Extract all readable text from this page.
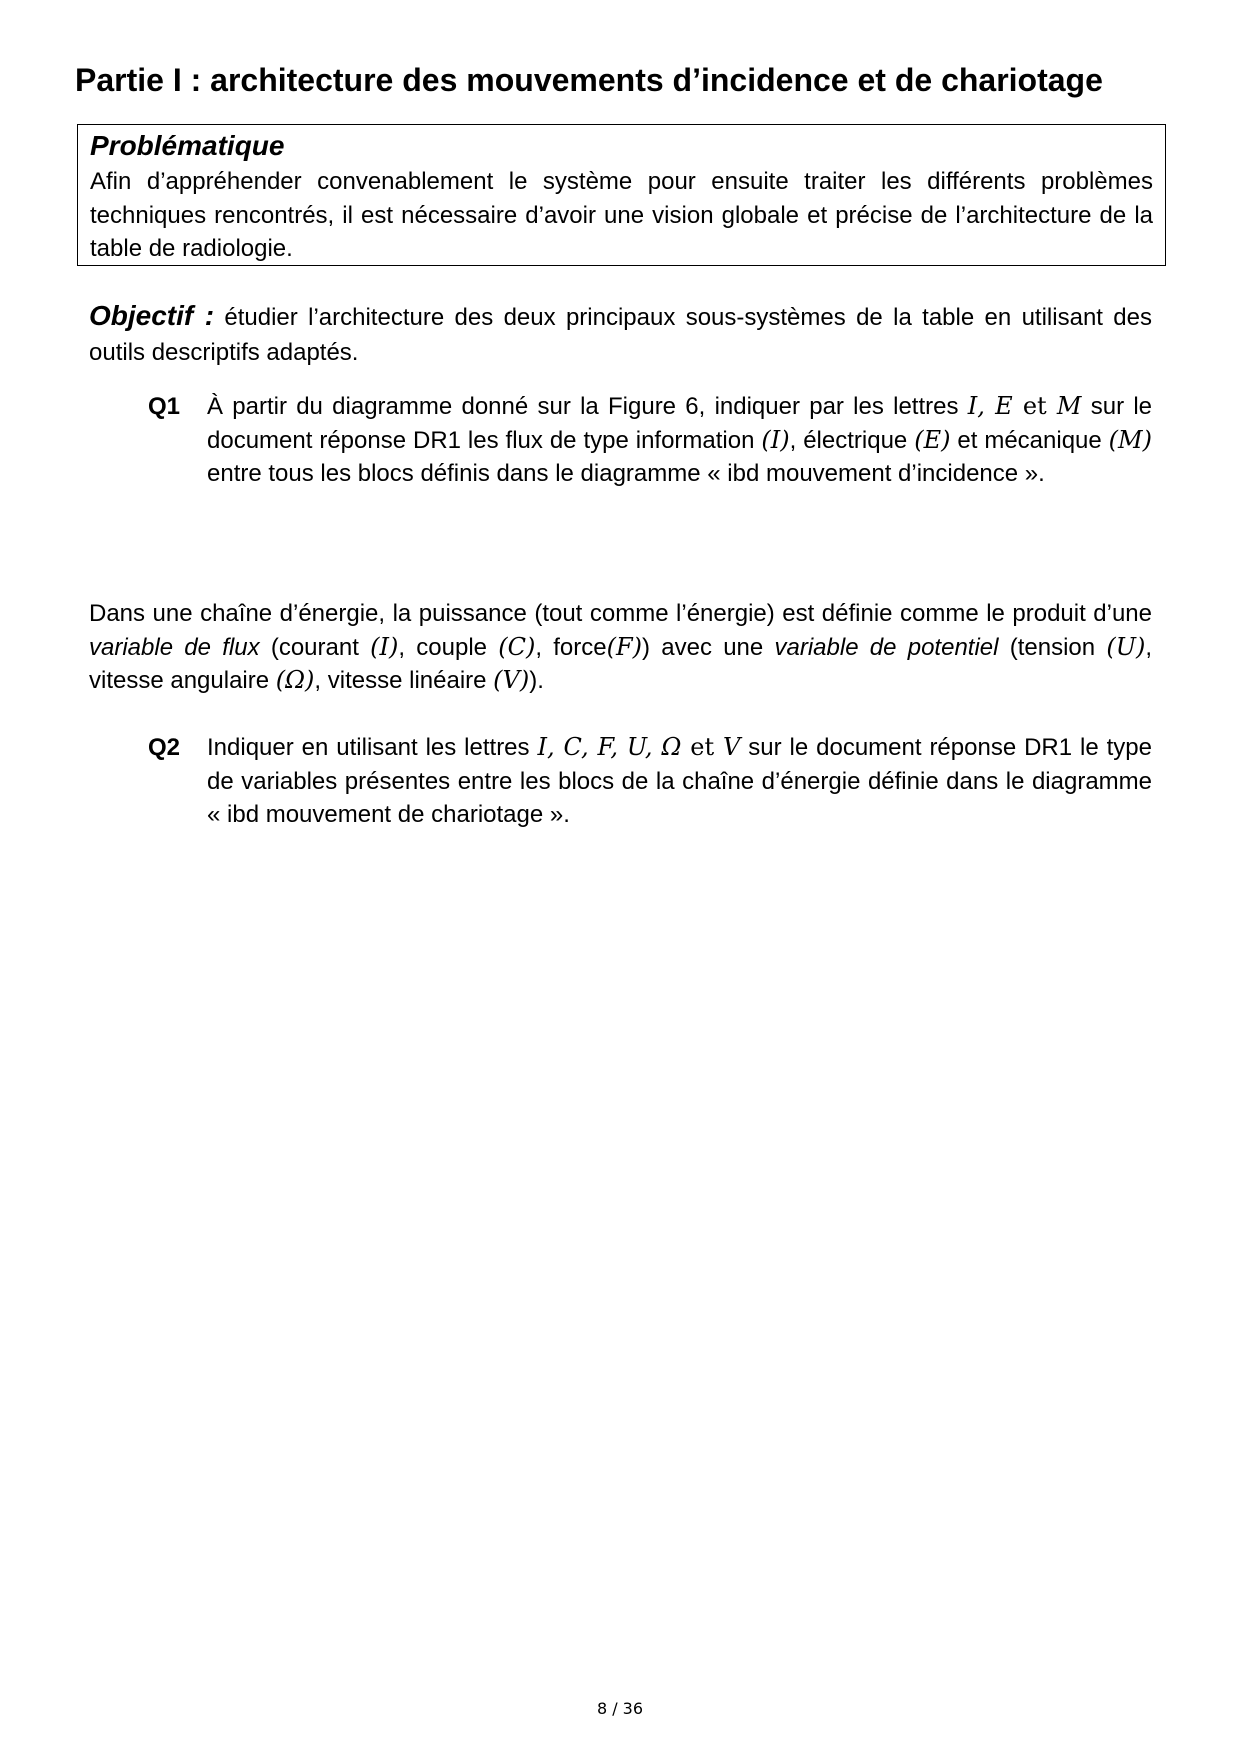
Partie I : architecture des mouvements d’incidence et de chariotage

Problématique

Afin d’appréhender convenablement le système pour ensuite traiter les différents problèmes techniques rencontrés, il est nécessaire d’avoir une vision globale et précise de l’architecture de la table de radiologie.

Objectif : étudier l’architecture des deux principaux sous-systèmes de la table en utilisant des outils descriptifs adaptés.
Q1 À partir du diagramme donné sur la Figure 6, indiquer par les lettres I, E et M sur le document réponse DR1 les flux de type information (I), électrique (E) et mécanique (M) entre tous les blocs définis dans le diagramme « ibd mouvement d’incidence ».
Dans une chaîne d’énergie, la puissance (tout comme l’énergie) est définie comme le produit d’une variable de flux (courant (I), couple (C), force(F)) avec une variable de potentiel (tension (U), vitesse angulaire (Ω), vitesse linéaire (V)).
Q2 Indiquer en utilisant les lettres I, C, F, U, Ω et V sur le document réponse DR1 le type de variables présentes entre les blocs de la chaîne d’énergie définie dans le diagramme « ibd mouvement de chariotage ».
8 / 36
